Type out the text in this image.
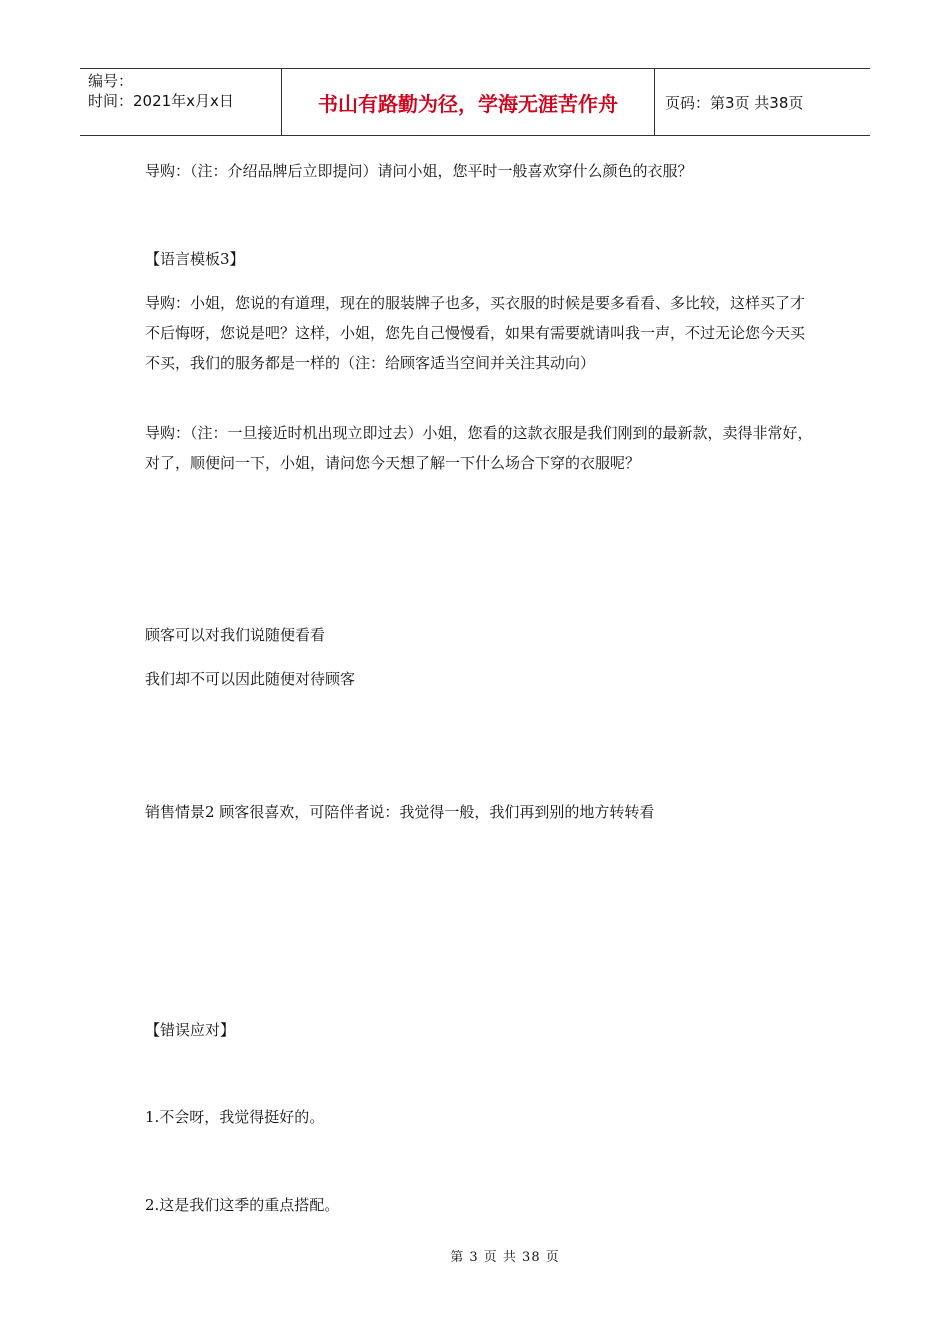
编号：
时间：2021年x月x日	书山有路勤为径，学海无涯苦作舟	页码：第3页 共38页

导购：（注：介绍品牌后立即提问）请问小姐，您平时一般喜欢穿什么颜色的衣服？

【语言模板3】

导购：小姐，您说的有道理，现在的服装牌子也多，买衣服的时候是要多看看、多比较，这样买了才不后悔呀，您说是吧？这样，小姐，您先自己慢慢看，如果有需要就请叫我一声，不过无论您今天买不买，我们的服务都是一样的（注：给顾客适当空间并关注其动向）

导购：（注：一旦接近时机出现立即过去）小姐，您看的这款衣服是我们刚到的最新款，卖得非常好，对了，顺便问一下，小姐，请问您今天想了解一下什么场合下穿的衣服呢？

顾客可以对我们说随便看看

我们却不可以因此随便对待顾客

销售情景2 顾客很喜欢，可陪伴者说：我觉得一般，我们再到别的地方转转看

【错误应对】

1.不会呀，我觉得挺好的。

2.这是我们这季的重点搭配。

第 3 页 共 38 页
